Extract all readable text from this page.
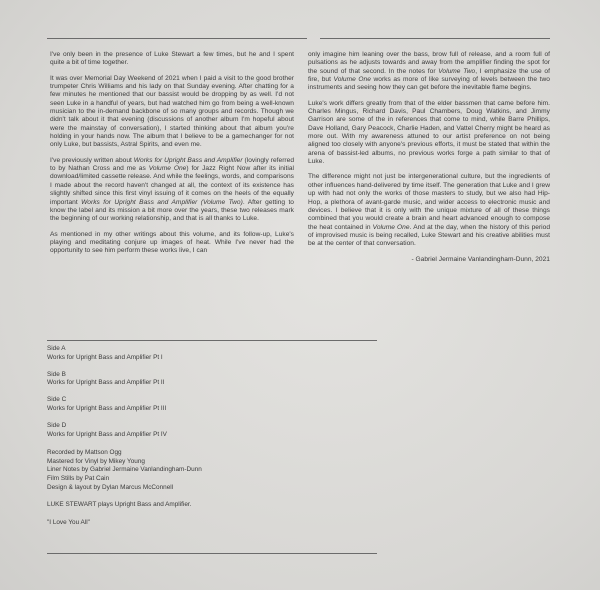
I've only been in the presence of Luke Stewart a few times, but he and I spent quite a bit of time together.

It was over Memorial Day Weekend of 2021 when I paid a visit to the good brother trumpeter Chris Williams and his lady on that Sunday evening. After chatting for a few minutes he mentioned that our bassist would be dropping by as well. I'd not seen Luke in a handful of years, but had watched him go from being a well-known musician to the in-demand backbone of so many groups and records. Though we didn't talk about it that evening (discussions of another album I'm hopeful about were the mainstay of conversation), I started thinking about that album you're holding in your hands now. The album that I believe to be a gamechanger for not only Luke, but bassists, Astral Spirits, and even me.

I've previously written about Works for Upright Bass and Amplifier (lovingly referred to by Nathan Cross and me as Volume One) for Jazz Right Now after its initial download/limited cassette release. And while the feelings, words, and comparisons I made about the record haven't changed at all, the context of its existence has slightly shifted since this first vinyl issuing of it comes on the heels of the equally important Works for Upright Bass and Amplifier (Volume Two). After getting to know the label and its mission a bit more over the years, these two releases mark the beginning of our working relationship, and that is all thanks to Luke.

As mentioned in my other writings about this volume, and its follow-up, Luke's playing and meditating conjure up images of heat. While I've never had the opportunity to see him perform these works live, I can

only imagine him leaning over the bass, brow full of release, and a room full of pulsations as he adjusts towards and away from the amplifier finding the spot for the sound of that second. In the notes for Volume Two, I emphasize the use of fire, but Volume One works as more of like surveying of levels between the two instruments and seeing how they can get before the inevitable flame begins.

Luke's work differs greatly from that of the elder bassmen that came before him. Charles Mingus, Richard Davis, Paul Chambers, Doug Watkins, and Jimmy Garrison are some of the in references that come to mind, while Barre Phillips, Dave Holland, Gary Peacock, Charlie Haden, and Vattel Cherry might be heard as more out. With my awareness attuned to our artist preference on not being aligned too closely with anyone's previous efforts, it must be stated that within the arena of bassist-led albums, no previous works forge a path similar to that of Luke.

The difference might not just be intergenerational culture, but the ingredients of other influences hand-delivered by time itself. The generation that Luke and I grew up with had not only the works of those masters to study, but we also had Hip-Hop, a plethora of avant-garde music, and wider access to electronic music and devices. I believe that it is only with the unique mixture of all of these things combined that you would create a brain and heart advanced enough to compose the heat contained in Volume One. And at the day, when the history of this period of improvised music is being recalled, Luke Stewart and his creative abilities must be at the center of that conversation.

- Gabriel Jermaine Vanlandingham-Dunn, 2021
Side A
Works for Upright Bass and Amplifier Pt I
Side B
Works for Upright Bass and Amplifier Pt II
Side C
Works for Upright Bass and Amplifier Pt III
Side D
Works for Upright Bass and Amplifier Pt IV
Recorded by Mattson Ogg
Mastered for Vinyl by Mikey Young
Liner Notes by Gabriel Jermaine Vanlandingham-Dunn
Film Stills by Pat Cain
Design & layout by Dylan Marcus McConnell
LUKE STEWART plays Upright Bass and Amplifier.
"I Love You All"
